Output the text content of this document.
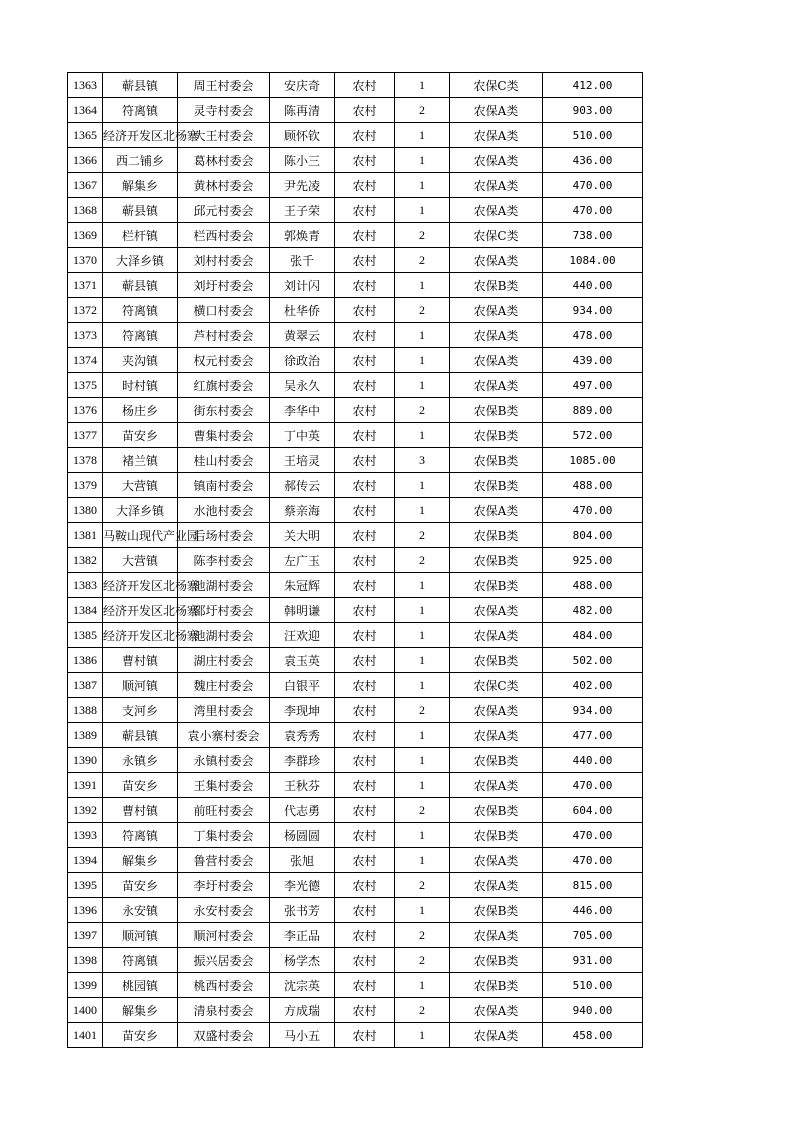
1363	蕲县镇	周王村委会	安庆奇	农村	1	农保C类	412.00
1364	符离镇	灵寺村委会	陈再清	农村	2	农保A类	903.00
1365	经济开发区北杨寨	大王村委会	顾怀钦	农村	1	农保A类	510.00
1366	西二铺乡	葛林村委会	陈小三	农村	1	农保A类	436.00
1367	解集乡	黄林村委会	尹先凌	农村	1	农保A类	470.00
1368	蕲县镇	邱元村委会	王子荣	农村	1	农保A类	470.00
1369	栏杆镇	栏西村委会	郭焕青	农村	2	农保C类	738.00
1370	大泽乡镇	刘村村委会	张千	农村	2	农保A类	1084.00
1371	蕲县镇	刘圩村委会	刘计闪	农村	1	农保B类	440.00
1372	符离镇	横口村委会	杜华侨	农村	2	农保A类	934.00
1373	符离镇	芦村村委会	黄翠云	农村	1	农保A类	478.00
1374	夹沟镇	权元村委会	徐政治	农村	1	农保A类	439.00
1375	时村镇	红旗村委会	吴永久	农村	1	农保A类	497.00
1376	杨庄乡	街东村委会	李华中	农村	2	农保B类	889.00
1377	苗安乡	曹集村委会	丁中英	农村	1	农保B类	572.00
1378	褚兰镇	桂山村委会	王培灵	农村	3	农保B类	1085.00
1379	大营镇	镇南村委会	郝传云	农村	1	农保B类	488.00
1380	大泽乡镇	水池村委会	蔡亲海	农村	1	农保A类	470.00
1381	马鞍山现代产业园	后场村委会	关大明	农村	2	农保B类	804.00
1382	大营镇	陈李村委会	左广玉	农村	2	农保B类	925.00
1383	经济开发区北杨寨	池湖村委会	朱冠辉	农村	1	农保B类	488.00
1384	经济开发区北杨寨	邵圩村委会	韩明谦	农村	1	农保A类	482.00
1385	经济开发区北杨寨	池湖村委会	汪欢迎	农村	1	农保A类	484.00
1386	曹村镇	湖庄村委会	袁玉英	农村	1	农保B类	502.00
1387	顺河镇	魏庄村委会	白银平	农村	1	农保C类	402.00
1388	支河乡	湾里村委会	李现坤	农村	2	农保A类	934.00
1389	蕲县镇	袁小寨村委会	袁秀秀	农村	1	农保A类	477.00
1390	永镇乡	永镇村委会	李群珍	农村	1	农保B类	440.00
1391	苗安乡	王集村委会	王秋芬	农村	1	农保A类	470.00
1392	曹村镇	前旺村委会	代志勇	农村	2	农保B类	604.00
1393	符离镇	丁集村委会	杨圆圆	农村	1	农保B类	470.00
1394	解集乡	鲁营村委会	张旭	农村	1	农保A类	470.00
1395	苗安乡	李圩村委会	李光德	农村	2	农保A类	815.00
1396	永安镇	永安村委会	张书芳	农村	1	农保B类	446.00
1397	顺河镇	顺河村委会	李正品	农村	2	农保A类	705.00
1398	符离镇	振兴居委会	杨学杰	农村	2	农保B类	931.00
1399	桃园镇	桃西村委会	沈宗英	农村	1	农保B类	510.00
1400	解集乡	清泉村委会	方成瑞	农村	2	农保A类	940.00
1401	苗安乡	双盛村委会	马小五	农村	1	农保A类	458.00
